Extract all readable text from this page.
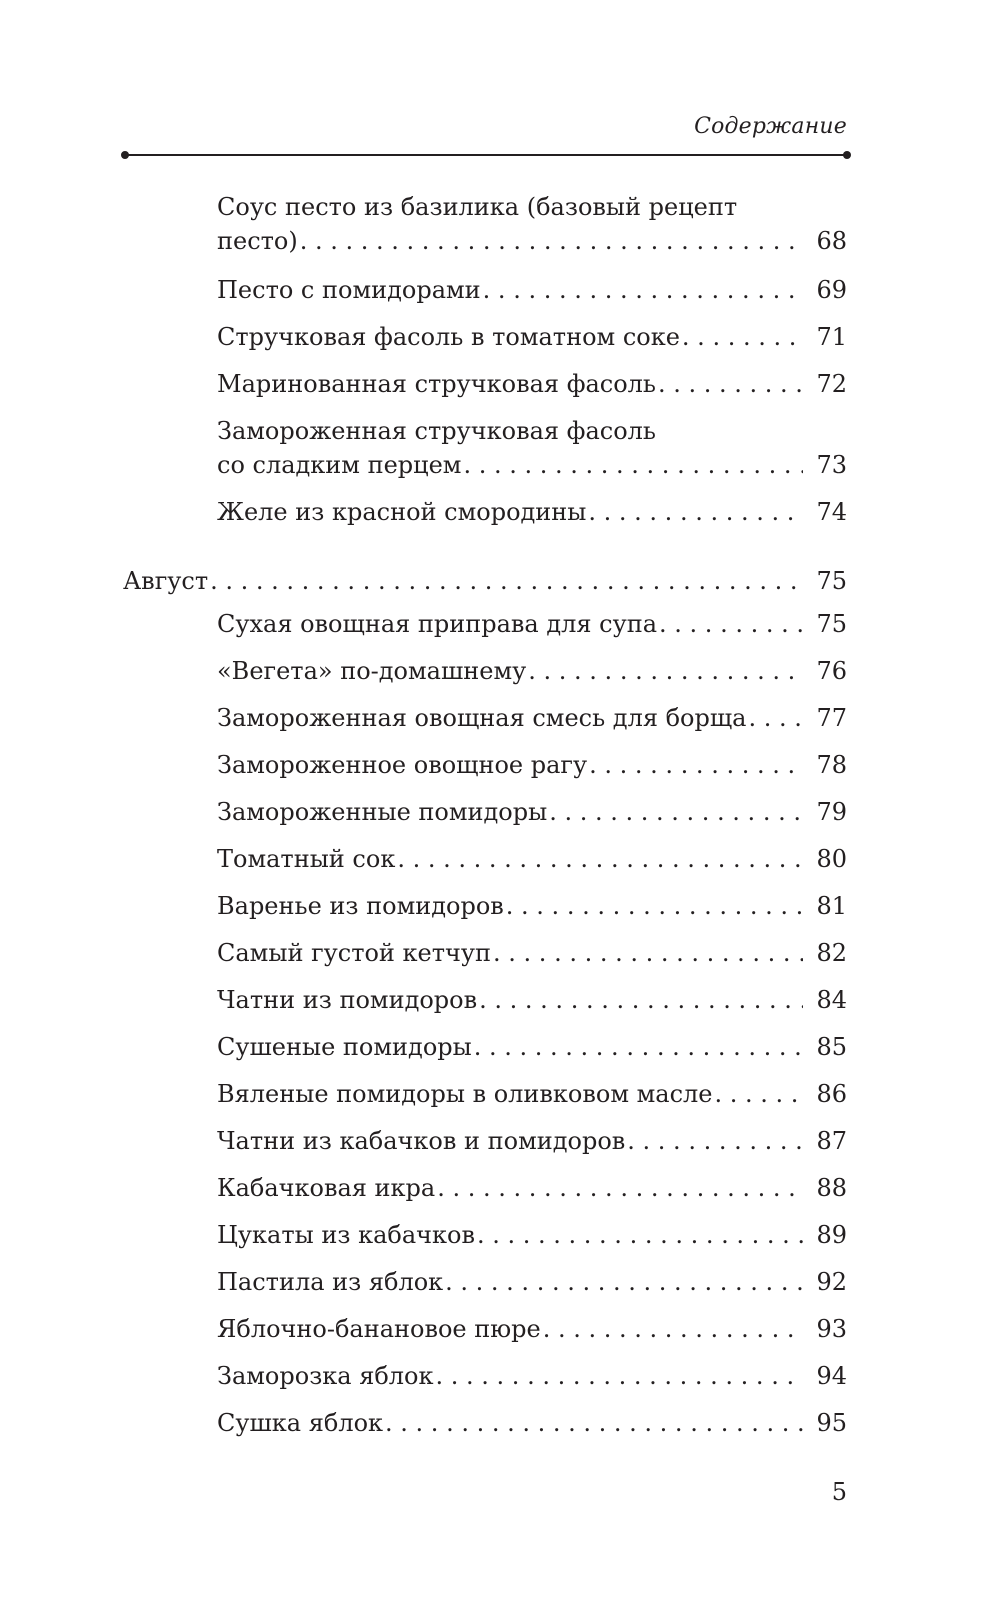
Содержание
Соус песто из базилика (базовый рецепт
песто) . . .	68
Песто с помидорами . . .	69
Стручковая фасоль в томатном соке . . .	71
Маринованная стручковая фасоль . . .	72
Замороженная стручковая фасоль
со сладким перцем . . .	73
Желе из красной смородины . . .	74
Август . . .	75
Сухая овощная приправа для супа . . .	75
«Вегета» по-домашнему . . .	76
Замороженная овощная смесь для борща . . .	77
Замороженное овощное рагу . . .	78
Замороженные помидоры . . .	79
Томатный сок . . .	80
Варенье из помидоров . . .	81
Самый густой кетчуп . . .	82
Чатни из помидоров . . .	84
Сушеные помидоры . . .	85
Вяленые помидоры в оливковом масле . . .	86
Чатни из кабачков и помидоров . . .	87
Кабачковая икра . . .	88
Цукаты из кабачков . . .	89
Пастила из яблок . . .	92
Яблочно-банановое пюре . . .	93
Заморозка яблок . . .	94
Сушка яблок . . .	95
5
